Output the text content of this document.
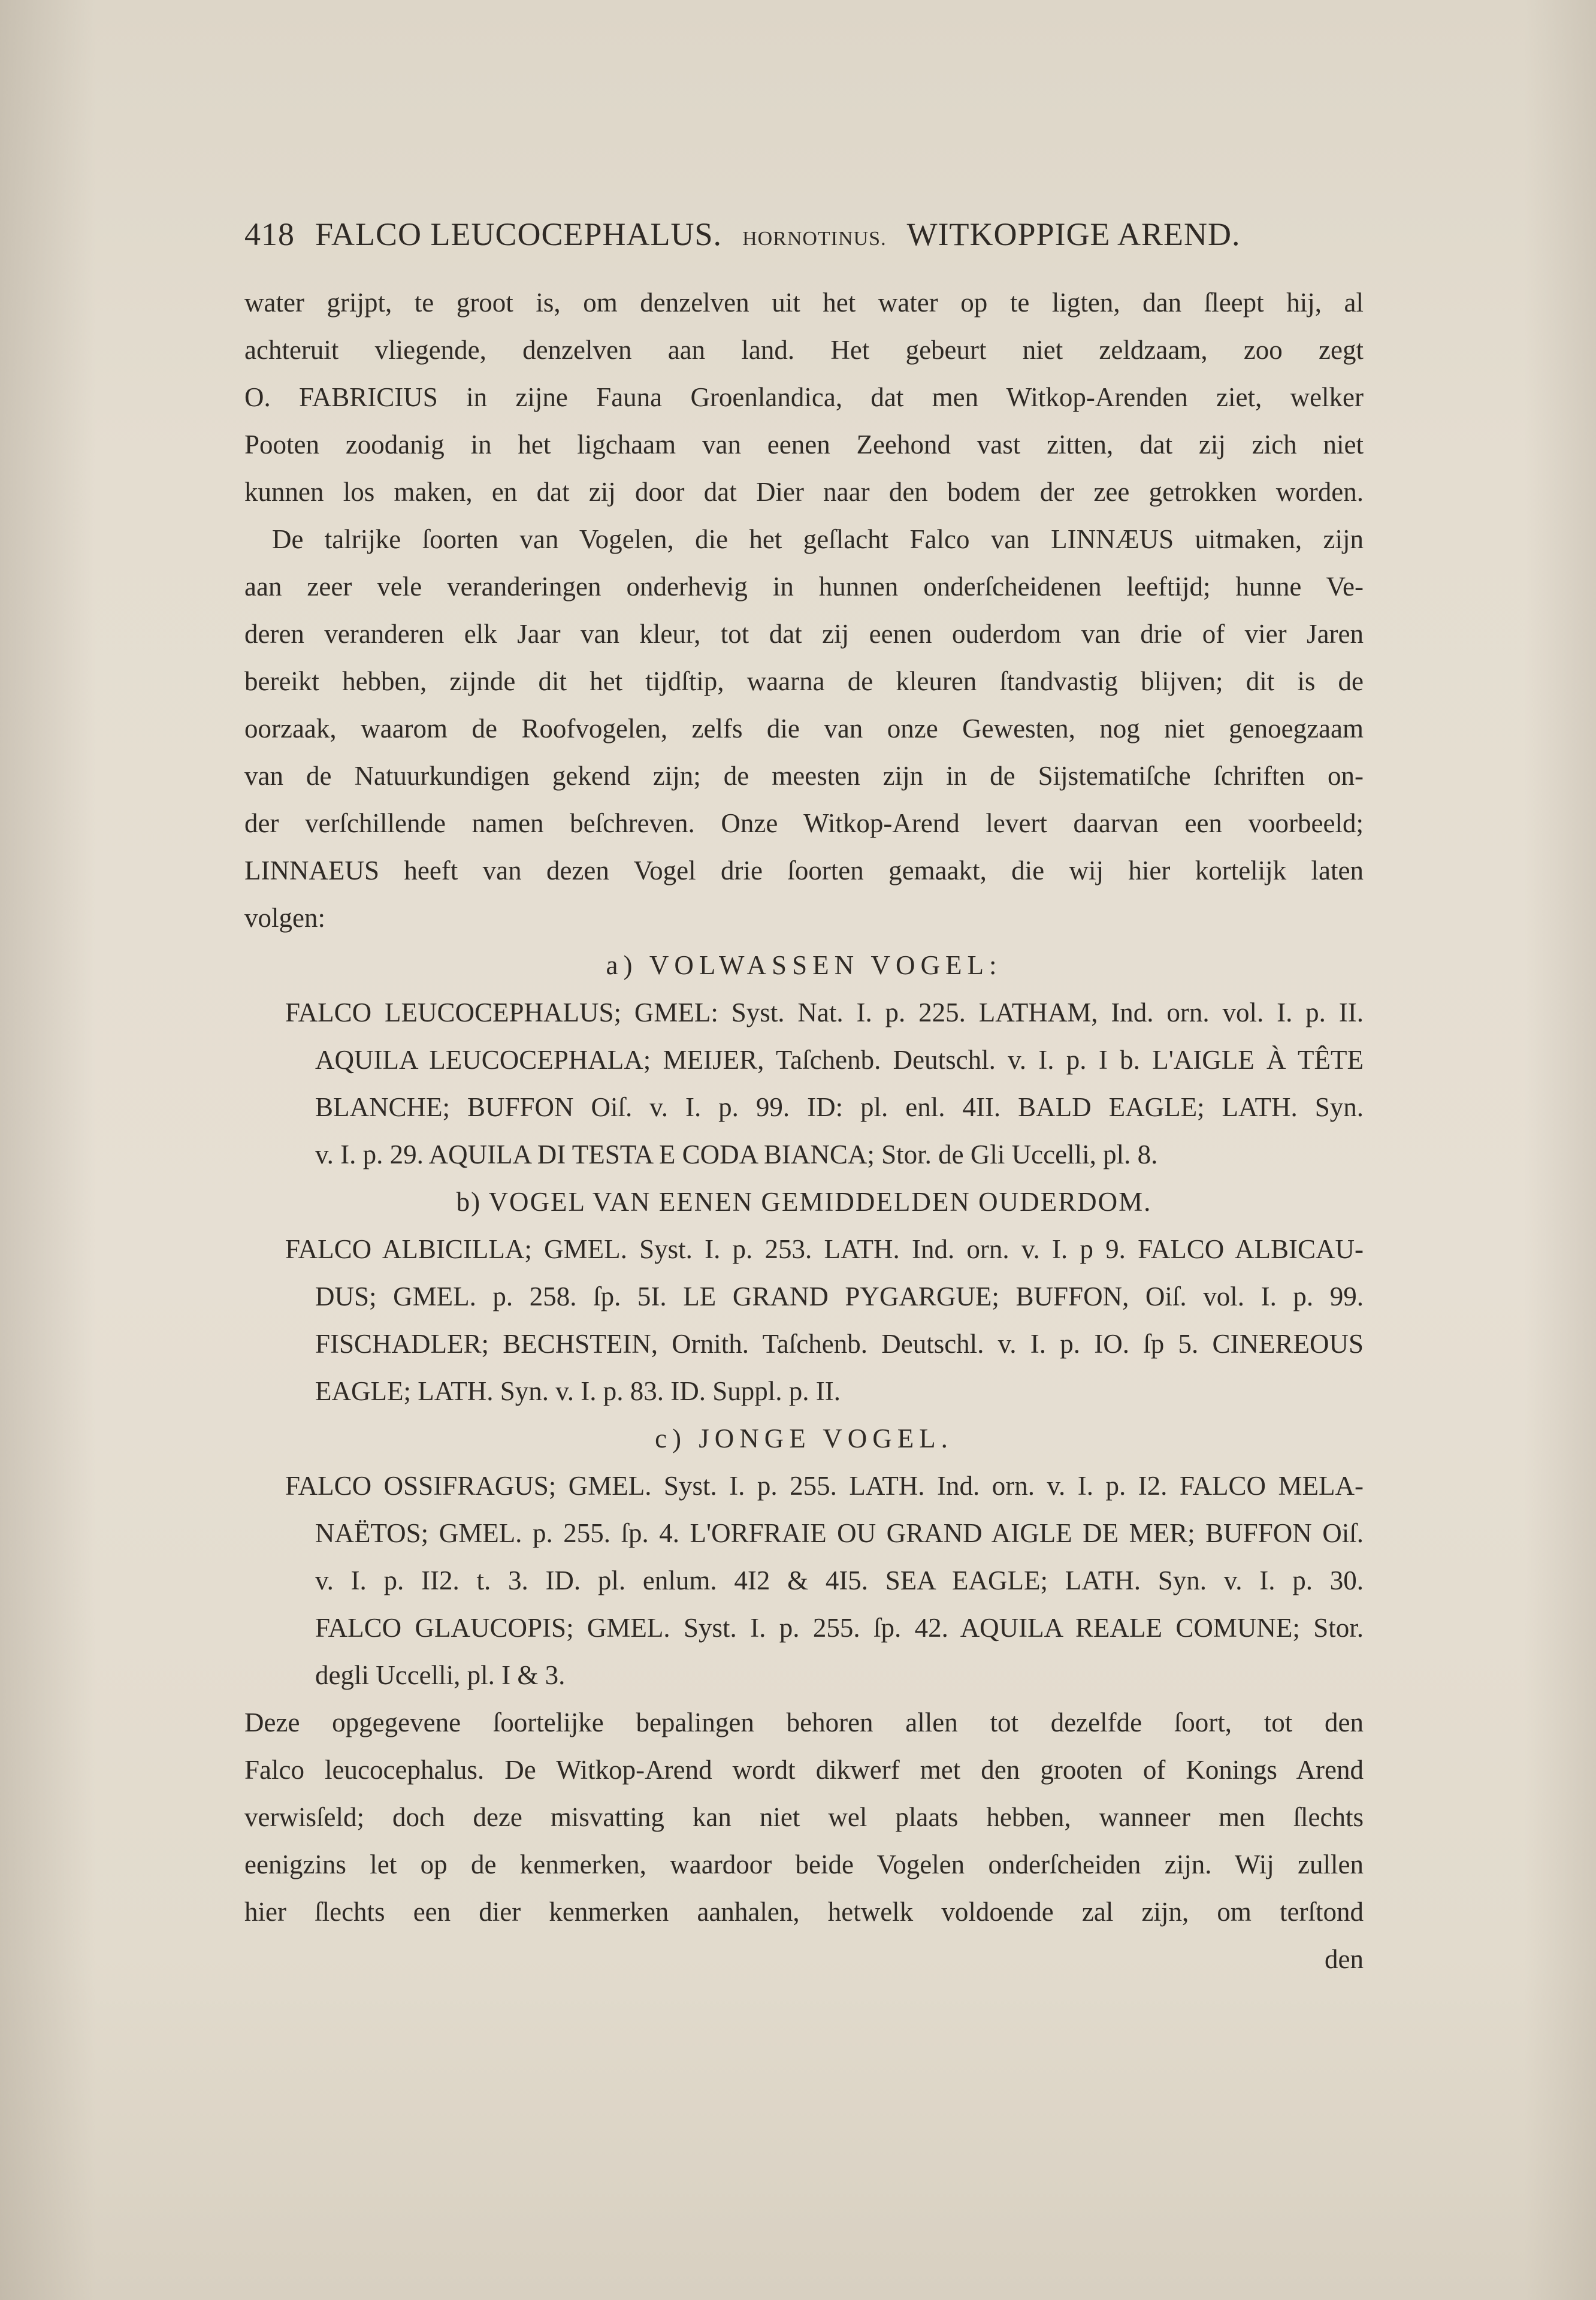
418 FALCO LEUCOCEPHALUS. HORNOTINUS. WITKOPPIGE AREND.
water grijpt, te groot is, om denzelven uit het water op te ligten, dan ſleept hij, al
achteruit vliegende, denzelven aan land. Het gebeurt niet zeldzaam, zoo zegt
O. FABRICIUS in zijne Fauna Groenlandica, dat men Witkop-Arenden ziet, welker
Pooten zoodanig in het ligchaam van eenen Zeehond vast zitten, dat zij zich niet
kunnen los maken, en dat zij door dat Dier naar den bodem der zee getrokken worden.
De talrijke ſoorten van Vogelen, die het geſlacht Falco van LINNÆUS uitmaken, zijn
aan zeer vele veranderingen onderhevig in hunnen onderſcheidenen leeftijd; hunne Ve-
deren veranderen elk Jaar van kleur, tot dat zij eenen ouderdom van drie of vier Jaren
bereikt hebben, zijnde dit het tijdſtip, waarna de kleuren ſtandvastig blijven; dit is de
oorzaak, waarom de Roofvogelen, zelfs die van onze Gewesten, nog niet genoegzaam
van de Natuurkundigen gekend zijn; de meesten zijn in de Sijstematiſche ſchriften on-
der verſchillende namen beſchreven. Onze Witkop-Arend levert daarvan een voorbeeld;
LINNAEUS heeft van dezen Vogel drie ſoorten gemaakt, die wij hier kortelijk laten
volgen:
a) VOLWASSEN VOGEL:
FALCO LEUCOCEPHALUS; GMEL: Syst. Nat. I. p. 225. LATHAM, Ind. orn. vol. I. p. II.
AQUILA LEUCOCEPHALA; MEIJER, Taſchenb. Deutschl. v. I. p. I b. L'AIGLE À TÊTE
BLANCHE; BUFFON Oiſ. v. I. p. 99. ID: pl. enl. 4II. BALD EAGLE; LATH. Syn.
v. I. p. 29. AQUILA DI TESTA E CODA BIANCA; Stor. de Gli Uccelli, pl. 8.
b) VOGEL VAN EENEN GEMIDDELDEN OUDERDOM.
FALCO ALBICILLA; GMEL. Syst. I. p. 253. LATH. Ind. orn. v. I. p 9. FALCO ALBICAU-
DUS; GMEL. p. 258. ſp. 5I. LE GRAND PYGARGUE; BUFFON, Oiſ. vol. I. p. 99.
FISCHADLER; BECHSTEIN, Ornith. Taſchenb. Deutschl. v. I. p. IO. ſp 5. CINEREOUS
EAGLE; LATH. Syn. v. I. p. 83. ID. Suppl. p. II.
c) JONGE VOGEL.
FALCO OSSIFRAGUS; GMEL. Syst. I. p. 255. LATH. Ind. orn. v. I. p. I2. FALCO MELA-
NAËTOS; GMEL. p. 255. ſp. 4. L'ORFRAIE OU GRAND AIGLE DE MER; BUFFON Oiſ.
v. I. p. II2. t. 3. ID. pl. enlum. 4I2 & 4I5. SEA EAGLE; LATH. Syn. v. I. p. 30.
FALCO GLAUCOPIS; GMEL. Syst. I. p. 255. ſp. 42. AQUILA REALE COMUNE; Stor.
degli Uccelli, pl. I & 3.
Deze opgegevene ſoortelijke bepalingen behoren allen tot dezelfde ſoort, tot den
Falco leucocephalus. De Witkop-Arend wordt dikwerf met den grooten of Konings Arend
verwisſeld; doch deze misvatting kan niet wel plaats hebben, wanneer men ſlechts
eenigzins let op de kenmerken, waardoor beide Vogelen onderſcheiden zijn. Wij zullen
hier ſlechts een dier kenmerken aanhalen, hetwelk voldoende zal zijn, om terſtond
den
